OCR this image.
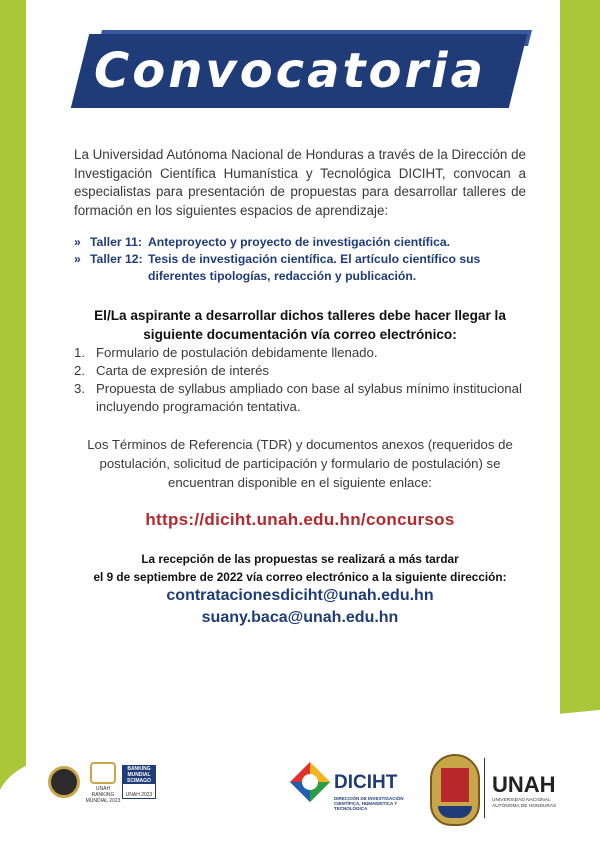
Convocatoria
La Universidad Autónoma Nacional de Honduras a través de la Dirección de Investigación Científica Humanística y Tecnológica DICIHT, convocan a especialistas para presentación de propuestas para desarrollar talleres de formación en los siguientes espacios de aprendizaje:
» Taller 11: Anteproyecto y proyecto de investigación científica.
» Taller 12: Tesis de investigación científica. El artículo científico sus diferentes tipologías, redacción y publicación.
El/La aspirante a desarrollar dichos talleres debe hacer llegar la siguiente documentación vía correo electrónico:
1. Formulario de postulación debidamente llenado.
2. Carta de expresión de interés
3. Propuesta de syllabus ampliado con base al sylabus mínimo institucional incluyendo programación tentativa.
Los Términos de Referencia (TDR) y documentos anexos (requeridos de postulación, solicitud de participación y formulario de postulación) se encuentran disponible en el siguiente enlace:
https://diciht.unah.edu.hn/concursos
La recepción de las propuestas se realizará a más tardar
el 9 de septiembre de 2022 vía correo electrónico a la siguiente dirección:
contratacionesdiciht@unah.edu.hn
suany.baca@unah.edu.hn
UNAH RANKING MUNDIAL 2023
BANKING MUNDIAL SCIMAGO
UNAH 2023
DICIHT
DIRECCIÓN DE INVESTIGACIÓN CIENTÍFICA, HUMANÍSTICA Y TECNOLÓGICA
UNAH
UNIVERSIDAD NACIONAL AUTÓNOMA DE HONDURAS
